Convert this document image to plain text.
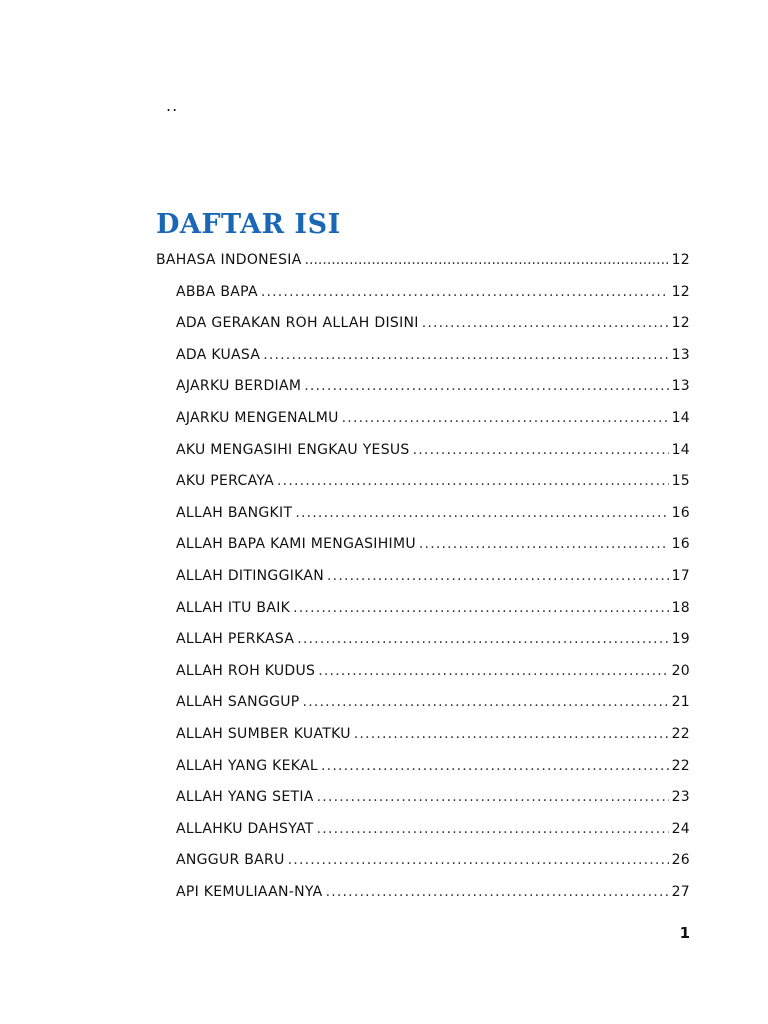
..
DAFTAR ISI
BAHASA INDONESIA .....	12
ABBA BAPA .....	12
ADA GERAKAN ROH ALLAH DISINI .....	12
ADA KUASA .....	13
AJARKU BERDIAM .....	13
AJARKU MENGENALMU .....	14
AKU MENGASIHI ENGKAU YESUS .....	14
AKU PERCAYA .....	15
ALLAH BANGKIT .....	16
ALLAH BAPA KAMI MENGASIHIMU .....	16
ALLAH DITINGGIKAN .....	17
ALLAH ITU BAIK .....	18
ALLAH PERKASA .....	19
ALLAH ROH KUDUS .....	20
ALLAH SANGGUP .....	21
ALLAH SUMBER KUATKU .....	22
ALLAH YANG KEKAL .....	22
ALLAH YANG SETIA .....	23
ALLAHKU DAHSYAT .....	24
ANGGUR BARU .....	26
API KEMULIAAN-NYA .....	27
1
